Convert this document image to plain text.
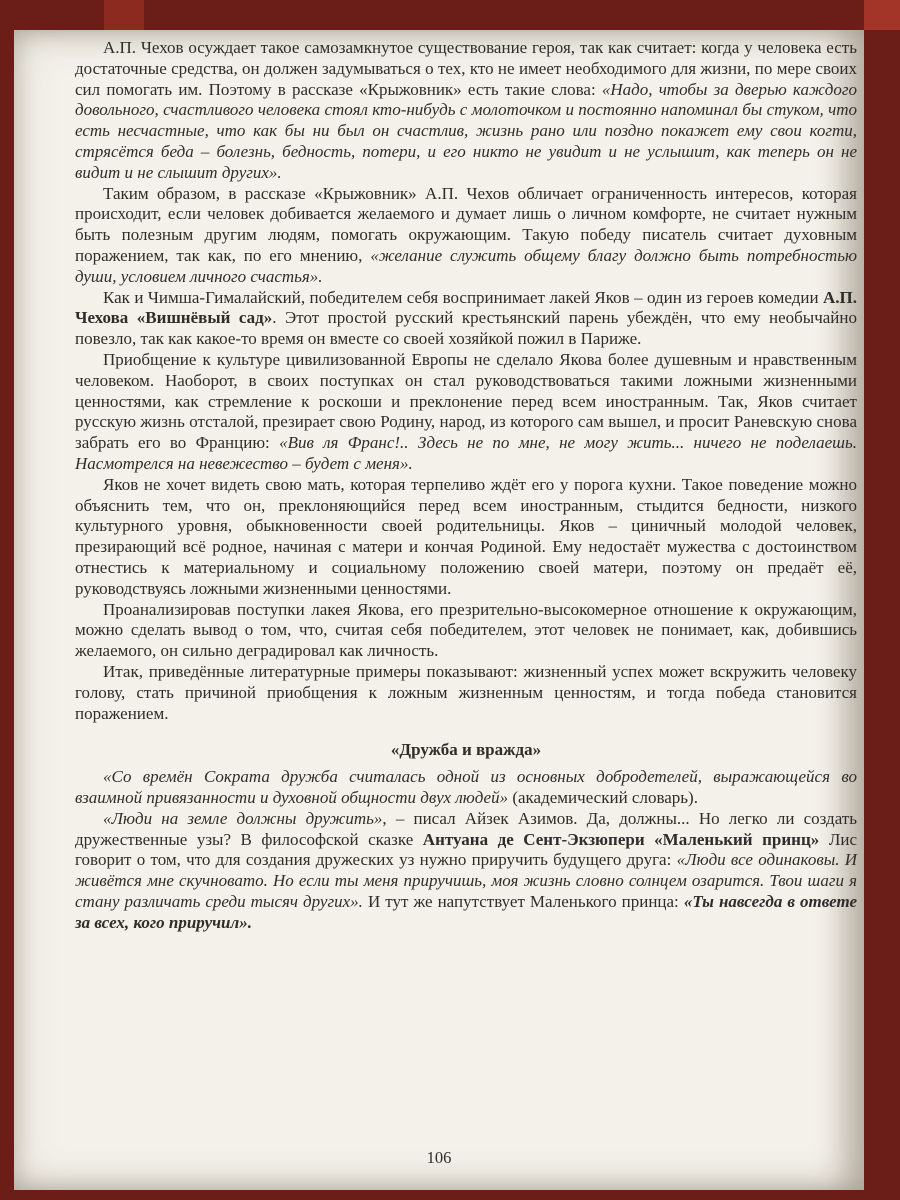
А.П. Чехов осуждает такое самозамкнутое существование героя, так как считает: когда у человека есть достаточные средства, он должен задумываться о тех, кто не имеет необходимого для жизни, по мере своих сил помогать им. Поэтому в рассказе «Крыжовник» есть такие слова: «Надо, чтобы за дверью каждого довольного, счастливого человека стоял кто-нибудь с молоточком и постоянно напоминал бы стуком, что есть несчастные, что как бы ни был он счастлив, жизнь рано или поздно покажет ему свои когти, стрясётся беда – болезнь, бедность, потери, и его никто не увидит и не услышит, как теперь он не видит и не слышит других».

Таким образом, в рассказе «Крыжовник» А.П. Чехов обличает ограниченность интересов, которая происходит, если человек добивается желаемого и думает лишь о личном комфорте, не считает нужным быть полезным другим людям, помогать окружающим. Такую победу писатель считает духовным поражением, так как, по его мнению, «желание служить общему благу должно быть потребностью души, условием личного счастья».

Как и Чимша-Гималайский, победителем себя воспринимает лакей Яков – один из героев комедии А.П. Чехова «Вишнёвый сад». Этот простой русский крестьянский парень убеждён, что ему необычайно повезло, так как какое-то время он вместе со своей хозяйкой пожил в Париже.

Приобщение к культуре цивилизованной Европы не сделало Якова более душевным и нравственным человеком. Наоборот, в своих поступках он стал руководствоваться такими ложными жизненными ценностями, как стремление к роскоши и преклонение перед всем иностранным. Так, Яков считает русскую жизнь отсталой, презирает свою Родину, народ, из которого сам вышел, и просит Раневскую снова забрать его во Францию: «Вив ля Франс!.. Здесь не по мне, не могу жить... ничего не поделаешь. Насмотрелся на невежество – будет с меня».

Яков не хочет видеть свою мать, которая терпеливо ждёт его у порога кухни. Такое поведение можно объяснить тем, что он, преклоняющийся перед всем иностранным, стыдится бедности, низкого культурного уровня, обыкновенности своей родительницы. Яков – циничный молодой человек, презирающий всё родное, начиная с матери и кончая Родиной. Ему недостаёт мужества с достоинством отнестись к материальному и социальному положению своей матери, поэтому он предаёт её, руководствуясь ложными жизненными ценностями.

Проанализировав поступки лакея Якова, его презрительно-высокомерное отношение к окружающим, можно сделать вывод о том, что, считая себя победителем, этот человек не понимает, как, добившись желаемого, он сильно деградировал как личность.

Итак, приведённые литературные примеры показывают: жизненный успех может вскружить человеку голову, стать причиной приобщения к ложным жизненным ценностям, и тогда победа становится поражением.

«Дружба и вражда»

«Со времён Сократа дружба считалась одной из основных добродетелей, выражающейся во взаимной привязанности и духовной общности двух людей» (академический словарь).

«Люди на земле должны дружить», – писал Айзек Азимов. Да, должны... Но легко ли создать дружественные узы? В философской сказке Антуана де Сент-Экзюпери «Маленький принц» Лис говорит о том, что для создания дружеских уз нужно приручить будущего друга: «Люди все одинаковы. И живётся мне скучновато. Но если ты меня приручишь, моя жизнь словно солнцем озарится. Твои шаги я стану различать среди тысяч других». И тут же напутствует Маленького принца: «Ты навсегда в ответе за всех, кого приручил».

106
